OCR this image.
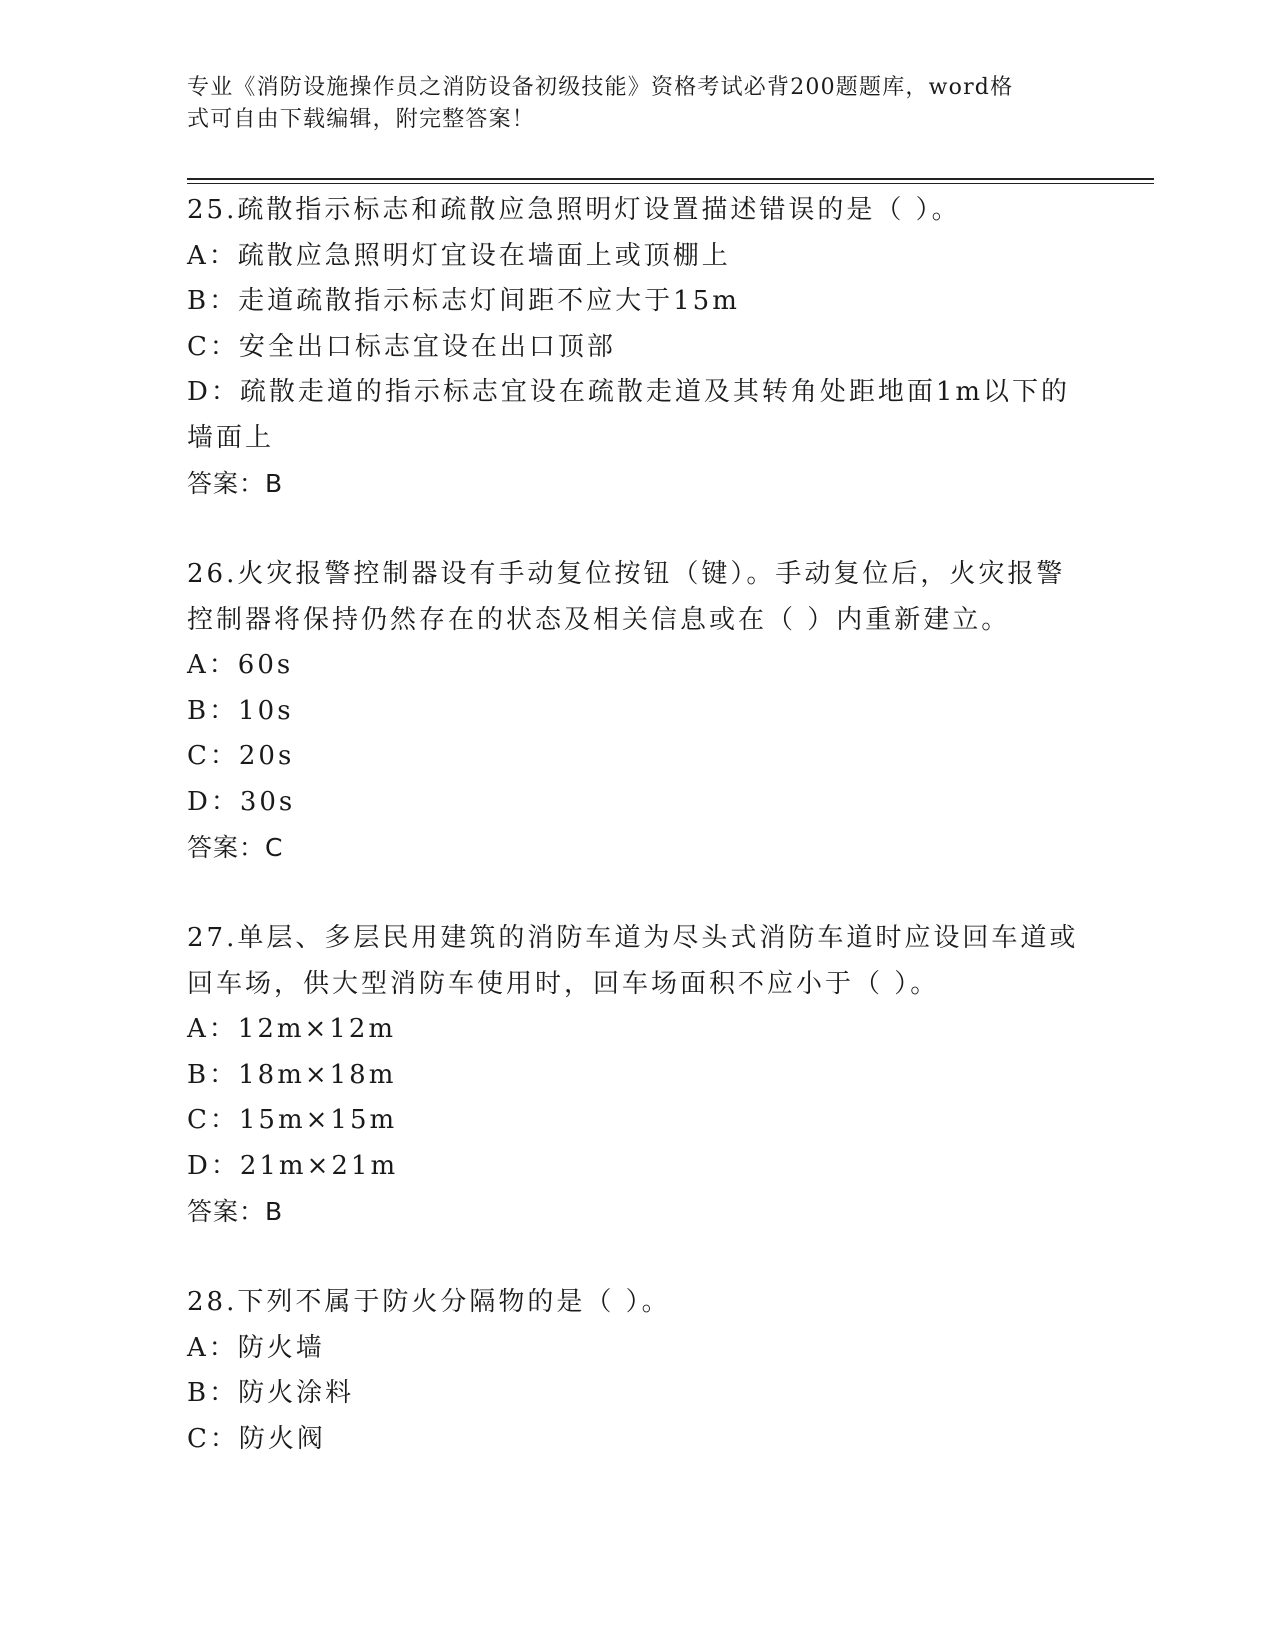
专业《消防设施操作员之消防设备初级技能》资格考试必背200题题库，word格
式可自由下载编辑，附完整答案！
25.疏散指示标志和疏散应急照明灯设置描述错误的是（ ）。
A：疏散应急照明灯宜设在墙面上或顶棚上
B：走道疏散指示标志灯间距不应大于15m
C：安全出口标志宜设在出口顶部
D：疏散走道的指示标志宜设在疏散走道及其转角处距地面1m以下的
墙面上
答案：B
26.火灾报警控制器设有手动复位按钮（键）。手动复位后，火灾报警
控制器将保持仍然存在的状态及相关信息或在（ ）内重新建立。
A：60s
B：10s
C：20s
D：30s
答案：C
27.单层、多层民用建筑的消防车道为尽头式消防车道时应设回车道或
回车场，供大型消防车使用时，回车场面积不应小于（ ）。
A：12m×12m
B：18m×18m
C：15m×15m
D：21m×21m
答案：B
28.下列不属于防火分隔物的是（ ）。
A：防火墙
B：防火涂料
C：防火阀
